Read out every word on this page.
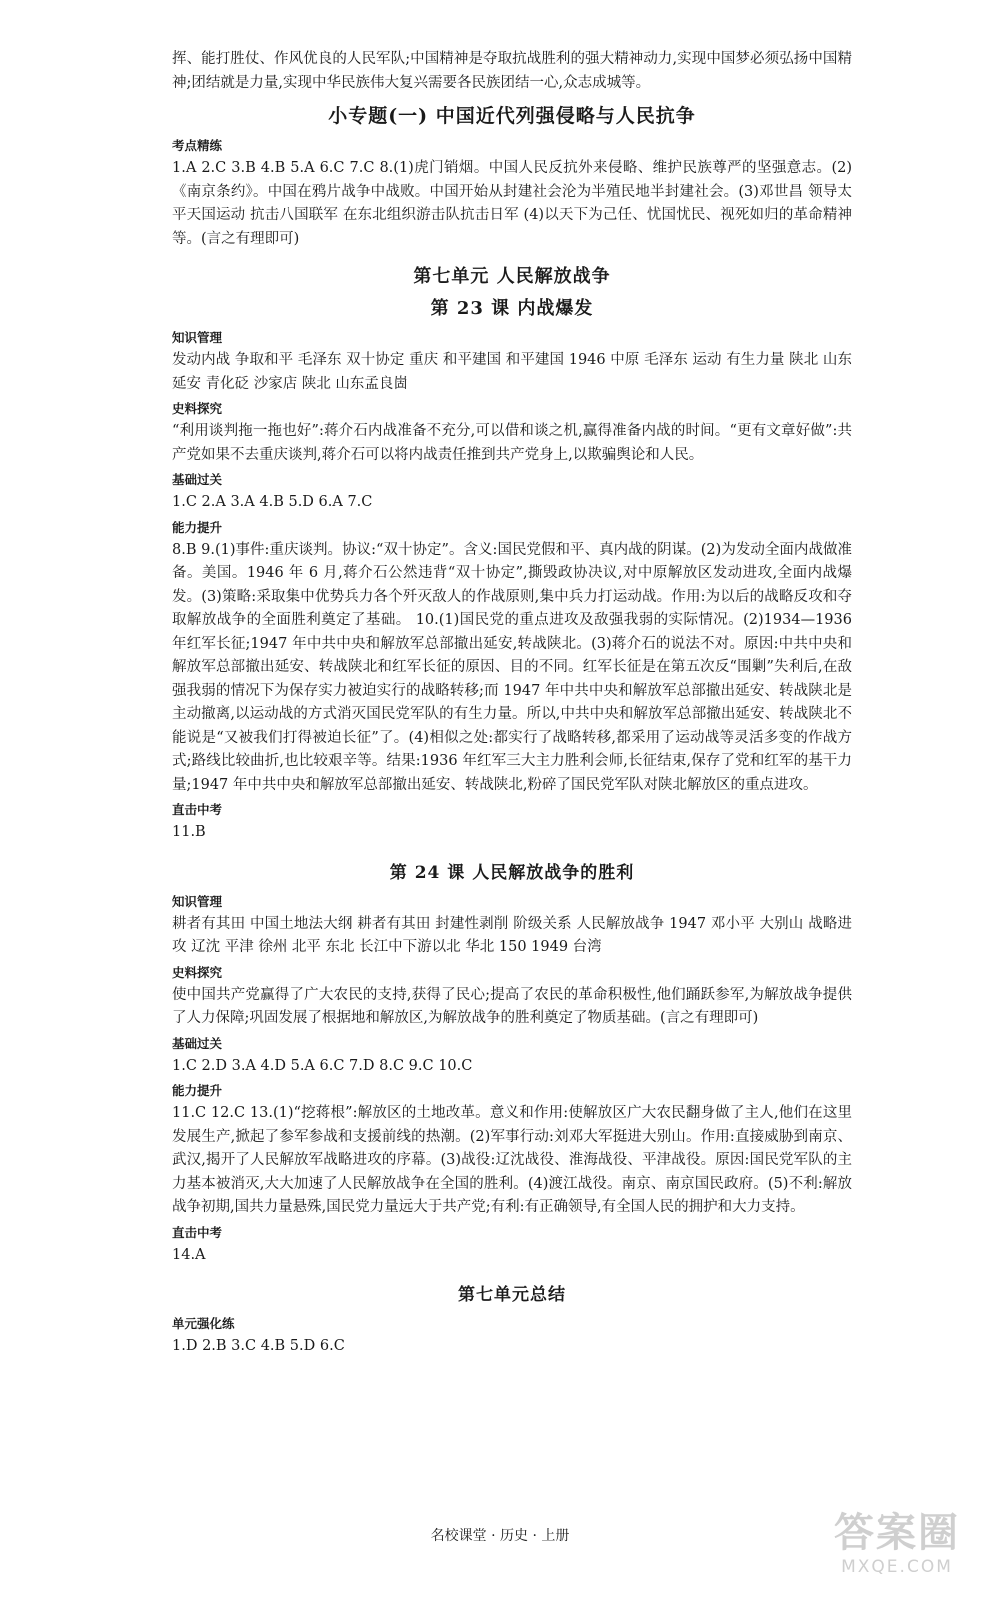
挥、能打胜仗、作风优良的人民军队;中国精神是夺取抗战胜利的强大精神动力,实现中国梦必须弘扬中国精神;团结就是力量,实现中华民族伟大复兴需要各民族团结一心,众志成城等。

小专题(一) 中国近代列强侵略与人民抗争
考点精练

1.A 2.C 3.B 4.B 5.A 6.C 7.C 8.(1)虎门销烟。中国人民反抗外来侵略、维护民族尊严的坚强意志。(2)《南京条约》。中国在鸦片战争中战败。中国开始从封建社会沦为半殖民地半封建社会。(3)邓世昌 领导太平天国运动 抗击八国联军 在东北组织游击队抗击日军 (4)以天下为己任、忧国忧民、视死如归的革命精神等。(言之有理即可)

第七单元 人民解放战争
第 23 课 内战爆发
知识管理

发动内战 争取和平 毛泽东 双十协定 重庆 和平建国 和平建国 1946 中原 毛泽东 运动 有生力量 陕北 山东 延安 青化砭 沙家店 陕北 山东孟良崮

史料探究

“利用谈判拖一拖也好”:蒋介石内战准备不充分,可以借和谈之机,赢得准备内战的时间。“更有文章好做”:共产党如果不去重庆谈判,蒋介石可以将内战责任推到共产党身上,以欺骗舆论和人民。

基础过关

1.C 2.A 3.A 4.B 5.D 6.A 7.C

能力提升

8.B 9.(1)事件:重庆谈判。协议:“双十协定”。含义:国民党假和平、真内战的阴谋。(2)为发动全面内战做准备。美国。1946 年 6 月,蒋介石公然违背“双十协定”,撕毁政协决议,对中原解放区发动进攻,全面内战爆发。(3)策略:采取集中优势兵力各个歼灭敌人的作战原则,集中兵力打运动战。作用:为以后的战略反攻和夺取解放战争的全面胜利奠定了基础。 10.(1)国民党的重点进攻及敌强我弱的实际情况。(2)1934—1936 年红军长征;1947 年中共中央和解放军总部撤出延安,转战陕北。(3)蒋介石的说法不对。原因:中共中央和解放军总部撤出延安、转战陕北和红军长征的原因、目的不同。红军长征是在第五次反“围剿”失利后,在敌强我弱的情况下为保存实力被迫实行的战略转移;而 1947 年中共中央和解放军总部撤出延安、转战陕北是主动撤离,以运动战的方式消灭国民党军队的有生力量。所以,中共中央和解放军总部撤出延安、转战陕北不能说是“又被我们打得被迫长征”了。(4)相似之处:都实行了战略转移,都采用了运动战等灵活多变的作战方式;路线比较曲折,也比较艰辛等。结果:1936 年红军三大主力胜利会师,长征结束,保存了党和红军的基干力量;1947 年中共中央和解放军总部撤出延安、转战陕北,粉碎了国民党军队对陕北解放区的重点进攻。

直击中考

11.B

第 24 课 人民解放战争的胜利
知识管理

耕者有其田 中国土地法大纲 耕者有其田 封建性剥削 阶级关系 人民解放战争 1947 邓小平 大别山 战略进攻 辽沈 平津 徐州 北平 东北 长江中下游以北 华北 150 1949 台湾

史料探究

使中国共产党赢得了广大农民的支持,获得了民心;提高了农民的革命积极性,他们踊跃参军,为解放战争提供了人力保障;巩固发展了根据地和解放区,为解放战争的胜利奠定了物质基础。(言之有理即可)

基础过关

1.C 2.D 3.A 4.D 5.A 6.C 7.D 8.C 9.C 10.C

能力提升

11.C 12.C 13.(1)“挖蒋根”:解放区的土地改革。意义和作用:使解放区广大农民翻身做了主人,他们在这里发展生产,掀起了参军参战和支援前线的热潮。(2)军事行动:刘邓大军挺进大别山。作用:直接威胁到南京、武汉,揭开了人民解放军战略进攻的序幕。(3)战役:辽沈战役、淮海战役、平津战役。原因:国民党军队的主力基本被消灭,大大加速了人民解放战争在全国的胜利。(4)渡江战役。南京、南京国民政府。(5)不利:解放战争初期,国共力量悬殊,国民党力量远大于共产党;有利:有正确领导,有全国人民的拥护和大力支持。

直击中考

14.A

第七单元总结
单元强化练

1.D 2.B 3.C 4.B 5.D 6.C

名校课堂 · 历史 · 上册	答案圈
MXQE.COM
